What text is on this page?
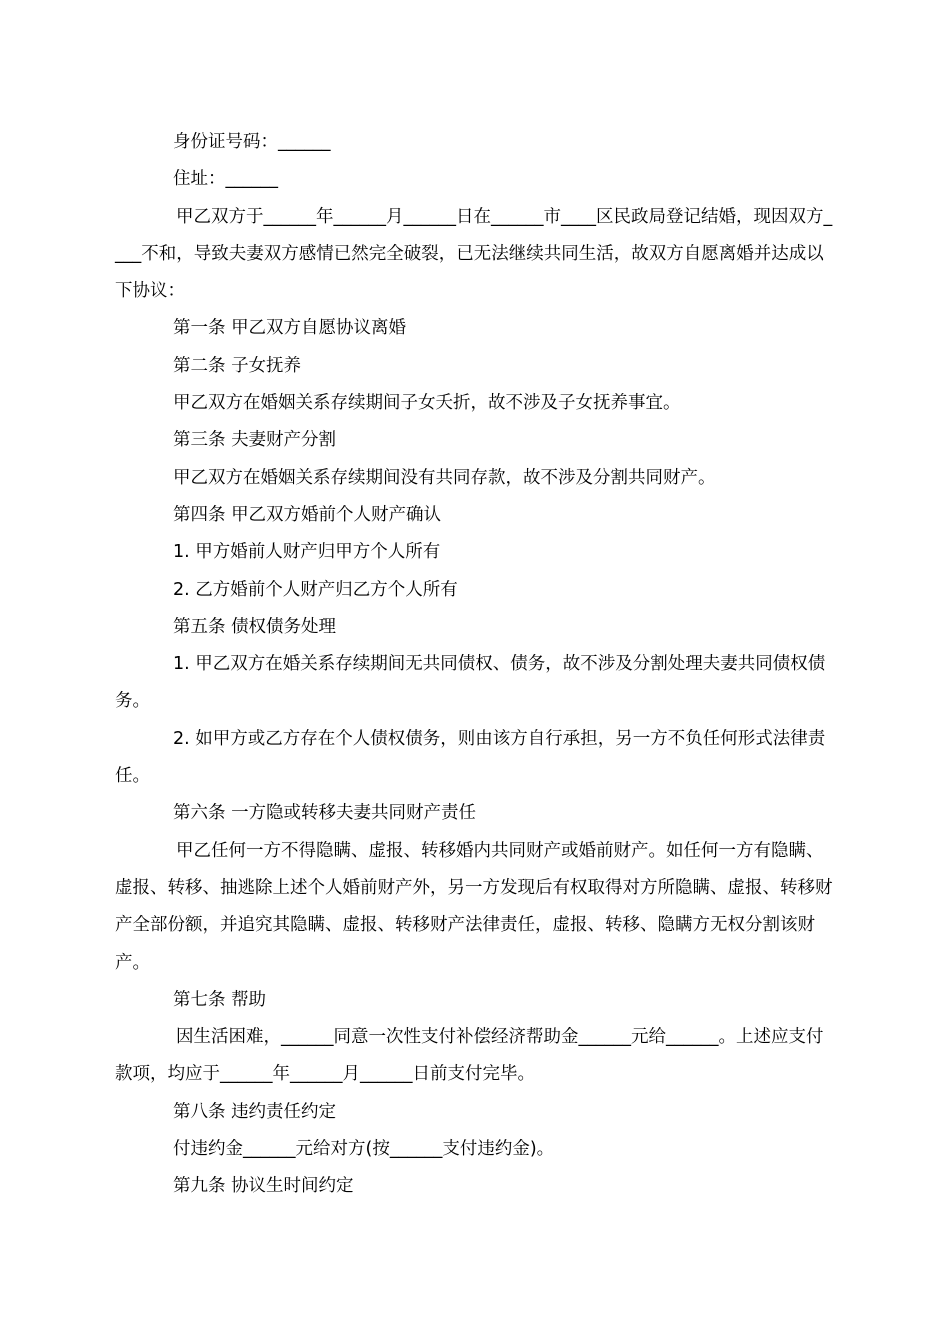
身份证号码：______

住址：______

甲乙双方于______年______月______日在______市____区民政局登记结婚，现因双方____不和，导致夫妻双方感情已然完全破裂，已无法继续共同生活，故双方自愿离婚并达成以下协议：

第一条 甲乙双方自愿协议离婚

第二条 子女抚养

甲乙双方在婚姻关系存续期间子女夭折，故不涉及子女抚养事宜。

第三条 夫妻财产分割

甲乙双方在婚姻关系存续期间没有共同存款，故不涉及分割共同财产。

第四条 甲乙双方婚前个人财产确认

1. 甲方婚前人财产归甲方个人所有

2. 乙方婚前个人财产归乙方个人所有

第五条 债权债务处理

1. 甲乙双方在婚关系存续期间无共同债权、债务，故不涉及分割处理夫妻共同债权债务。

2. 如甲方或乙方存在个人债权债务，则由该方自行承担，另一方不负任何形式法律责任。

第六条 一方隐或转移夫妻共同财产责任

甲乙任何一方不得隐瞒、虚报、转移婚内共同财产或婚前财产。如任何一方有隐瞒、虚报、转移、抽逃除上述个人婚前财产外，另一方发现后有权取得对方所隐瞒、虚报、转移财产全部份额，并追究其隐瞒、虚报、转移财产法律责任，虚报、转移、隐瞒方无权分割该财产。

第七条 帮助

因生活困难，______同意一次性支付补偿经济帮助金______元给______。上述应支付款项，均应于______年______月______日前支付完毕。

第八条 违约责任约定

付违约金______元给对方(按______支付违约金)。

第九条 协议生时间约定
